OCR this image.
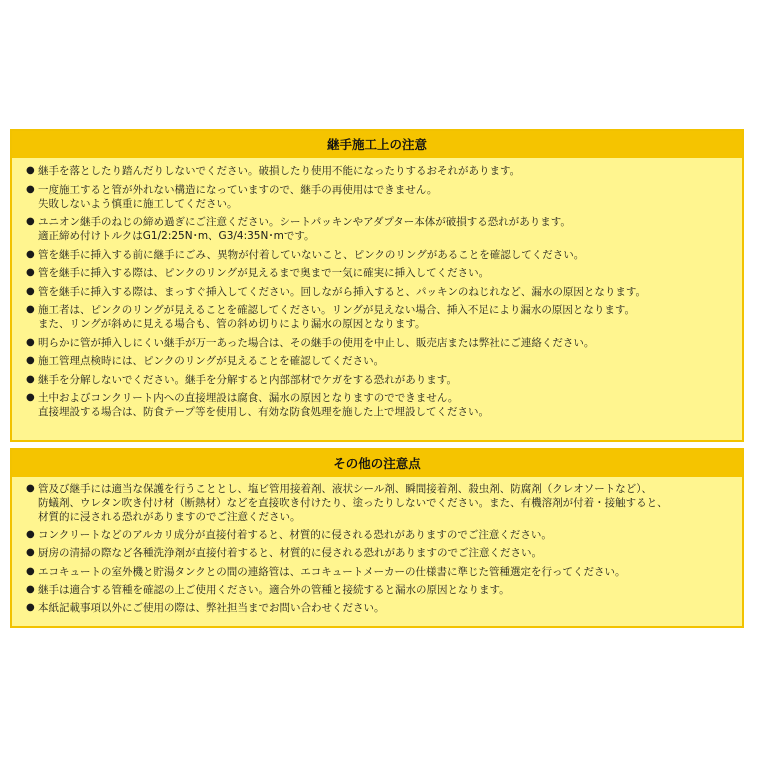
継手施工上の注意
● 継手を落としたり踏んだりしないでください。破損したり使用不能になったりするおそれがあります。
● 一度施工すると管が外れない構造になっていますので、継手の再使用はできません。
失敗しないよう慎重に施工してください。
● ユニオン継手のねじの締め過ぎにご注意ください。シートパッキンやアダプター本体が破損する恐れがあります。
適正締め付けトルクはG1/2:25N･m、G3/4:35N･mです。
● 管を継手に挿入する前に継手にごみ、異物が付着していないこと、ピンクのリングがあることを確認してください。
● 管を継手に挿入する際は、ピンクのリングが見えるまで奥まで一気に確実に挿入してください。
● 管を継手に挿入する際は、まっすぐ挿入してください。回しながら挿入すると、パッキンのねじれなど、漏水の原因となります。
● 施工者は、ピンクのリングが見えることを確認してください。リングが見えない場合、挿入不足により漏水の原因となります。
また、リングが斜めに見える場合も、管の斜め切りにより漏水の原因となります。
● 明らかに管が挿入しにくい継手が万一あった場合は、その継手の使用を中止し、販売店または弊社にご連絡ください。
● 施工管理点検時には、ピンクのリングが見えることを確認してください。
● 継手を分解しないでください。継手を分解すると内部部材でケガをする恐れがあります。
● 土中およびコンクリート内への直接埋設は腐食、漏水の原因となりますのでできません。
直接埋設する場合は、防食テープ等を使用し、有効な防食処理を施した上で埋設してください。
その他の注意点
● 管及び継手には適当な保護を行うこととし、塩ビ管用接着剤、液状シール剤、瞬間接着剤、殺虫剤、防腐剤（クレオソートなど）、
防蟻剤、ウレタン吹き付け材（断熱材）などを直接吹き付けたり、塗ったりしないでください。また、有機溶剤が付着・接触すると、
材質的に浸される恐れがありますのでご注意ください。
● コンクリートなどのアルカリ成分が直接付着すると、材質的に侵される恐れがありますのでご注意ください。
● 厨房の清掃の際など各種洗浄剤が直接付着すると、材質的に侵される恐れがありますのでご注意ください。
● エコキュートの室外機と貯湯タンクとの間の連絡管は、エコキュートメーカーの仕様書に準じた管種選定を行ってください。
● 継手は適合する管種を確認の上ご使用ください。適合外の管種と接続すると漏水の原因となります。
● 本紙記載事項以外にご使用の際は、弊社担当までお問い合わせください。
